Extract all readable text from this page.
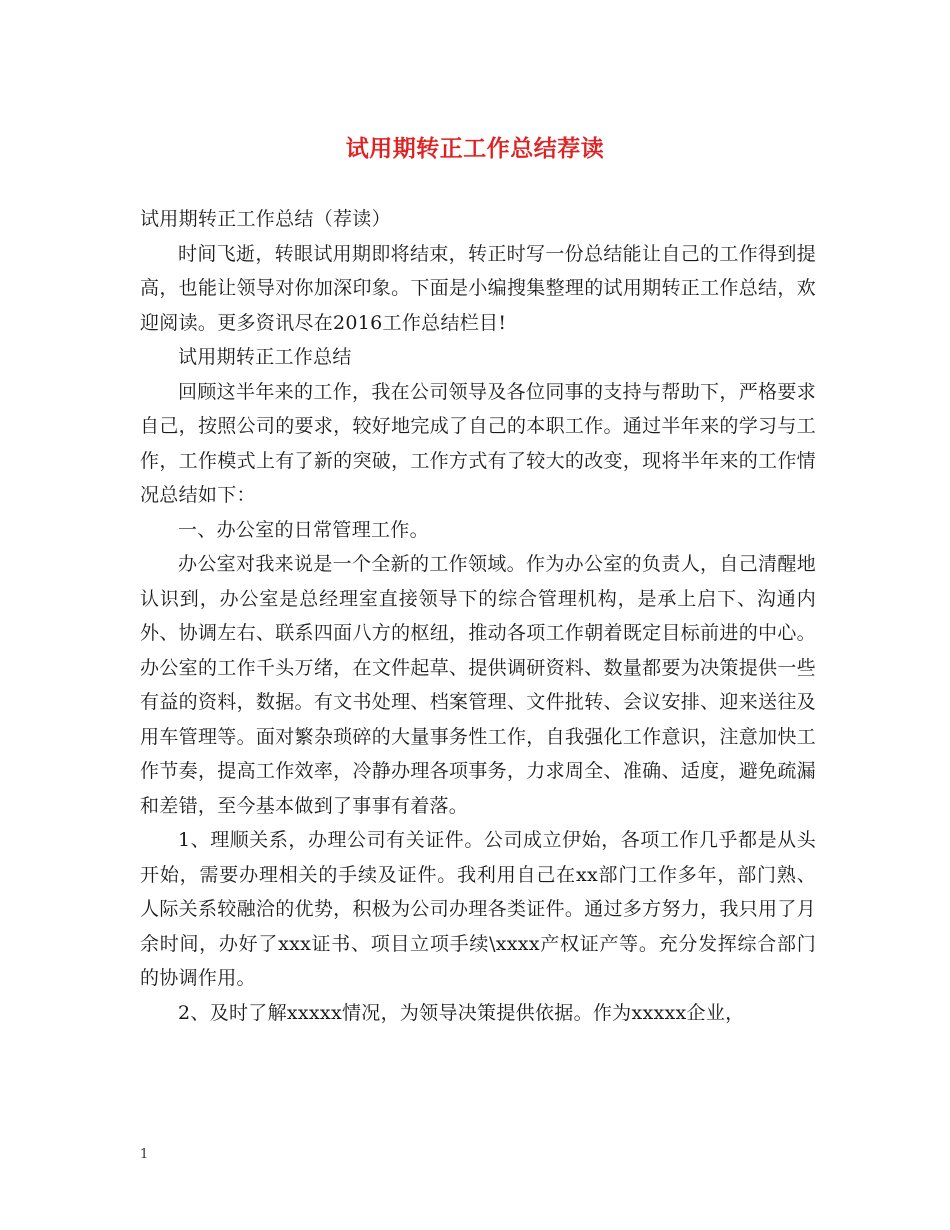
试用期转正工作总结荐读

试用期转正工作总结（荐读）

时间飞逝，转眼试用期即将结束，转正时写一份总结能让自己的工作得到提高，也能让领导对你加深印象。下面是小编搜集整理的试用期转正工作总结，欢迎阅读。更多资讯尽在2016工作总结栏目!

试用期转正工作总结

回顾这半年来的工作，我在公司领导及各位同事的支持与帮助下，严格要求自己，按照公司的要求，较好地完成了自己的本职工作。通过半年来的学习与工作，工作模式上有了新的突破，工作方式有了较大的改变，现将半年来的工作情况总结如下：

一、办公室的日常管理工作。

办公室对我来说是一个全新的工作领域。作为办公室的负责人，自己清醒地认识到，办公室是总经理室直接领导下的综合管理机构，是承上启下、沟通内外、协调左右、联系四面八方的枢纽，推动各项工作朝着既定目标前进的中心。办公室的工作千头万绪，在文件起草、提供调研资料、数量都要为决策提供一些有益的资料，数据。有文书处理、档案管理、文件批转、会议安排、迎来送往及用车管理等。面对繁杂琐碎的大量事务性工作，自我强化工作意识，注意加快工作节奏，提高工作效率，冷静办理各项事务，力求周全、准确、适度，避免疏漏和差错，至今基本做到了事事有着落。

1、理顺关系，办理公司有关证件。公司成立伊始，各项工作几乎都是从头开始，需要办理相关的手续及证件。我利用自己在xx部门工作多年，部门熟、人际关系较融洽的优势，积极为公司办理各类证件。通过多方努力，我只用了月余时间，办好了xxx证书、项目立项手续\xxxx产权证产等。充分发挥综合部门的协调作用。

2、及时了解xxxxx情况，为领导决策提供依据。作为xxxxx企业，

1
